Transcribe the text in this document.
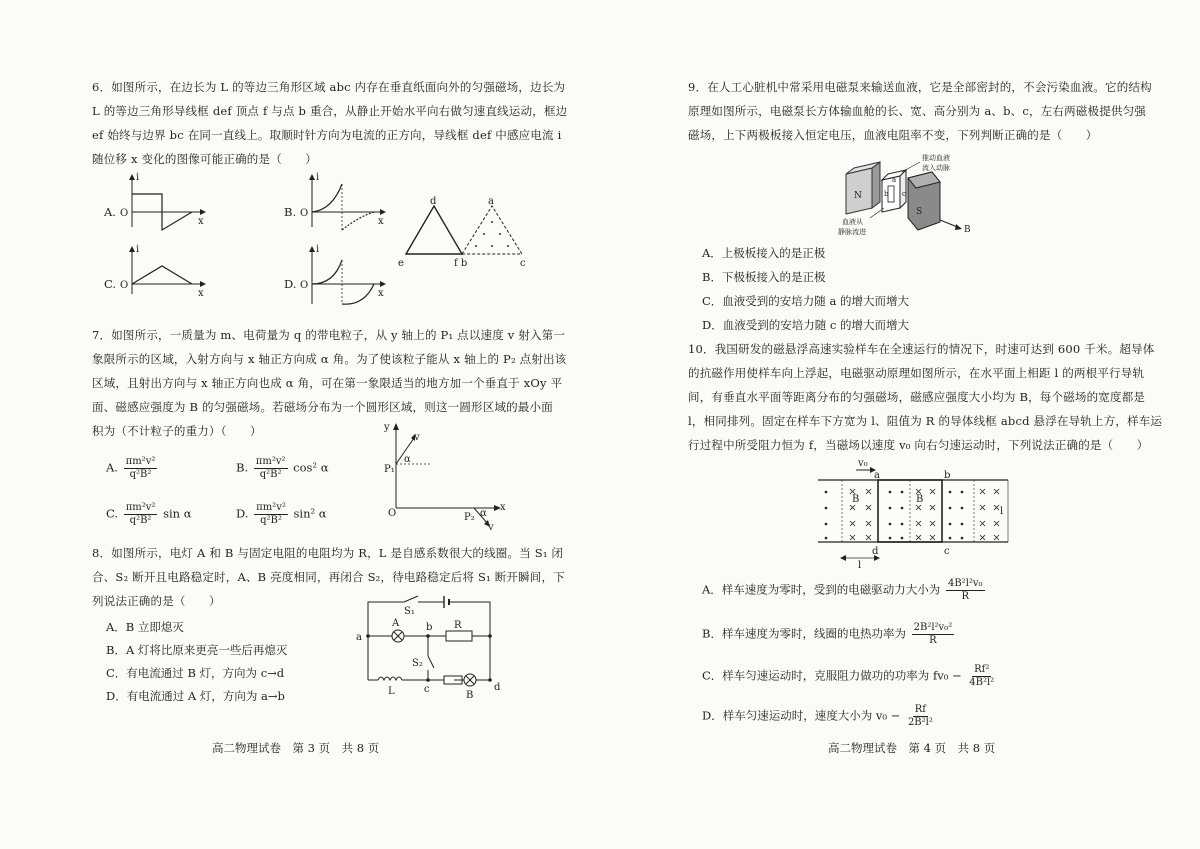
6．如图所示，在边长为 L 的等边三角形区域 abc 内存在垂直纸面向外的匀强磁场，边长为
L 的等边三角形导线框 def 顶点 f 与点 b 重合，从静止开始水平向右做匀速直线运动，框边
ef 始终与边界 bc 在同一直线上。取顺时针方向为电流的正方向，导线框 def 中感应电流 i
随位移 x 变化的图像可能正确的是（　　）
A. O
i
x
B. O
i
x
C. O
i
x
D. O
i
x
d	a
e	f b	c
7．如图所示，一质量为 m、电荷量为 q 的带电粒子，从 y 轴上的 P₁ 点以速度 v 射入第一
象限所示的区域，入射方向与 x 轴正方向成 α 角。为了使该粒子能从 x 轴上的 P₂ 点射出该
区域，且射出方向与 x 轴正方向也成 α 角，可在第一象限适当的地方加一个垂直于 xOy 平
面、磁感应强度为 B 的匀强磁场。若磁场分布为一个圆形区域，则这一圆形区域的最小面
积为（不计粒子的重力）（　　）
A. $\frac{\text{πm²v²}}{\text{q²B²}}$	B. $\frac{\text{πm²v²}}{\text{q²B²}} \cos^2$ α
C. $\frac{\text{πm²v²}}{\text{q²B²}}$ sin α	D. $\frac{\text{πm²v²}}{\text{q²B²}} \sin^2$ α
y
v
α
P₁
O
x
P₂ α
v
8．如图所示，电灯 A 和 B 与固定电阻的电阻均为 R，L 是自感系数很大的线圈。当 S₁ 闭
合、S₂ 断开且电路稳定时，A、B 亮度相同，再闭合 S₂，待电路稳定后将 S₁ 断开瞬间，下
列说法正确的是（　　）
A．B 立即熄灭
B．A 灯将比原来更亮一些后再熄灭
C．有电流通过 B 灯，方向为 c→d
D．有电流通过 A 灯，方向为 a→b
S₁
a
A	b R
S₂
L	c
B
d
高二物理试卷　第 3 页　共 8 页
9．在人工心脏机中常采用电磁泵来输送血液，它是全部密封的，不会污染血液。它的结构
原理如图所示，电磁泵长方体输血舱的长、宽、高分别为 a、b、c，左右两磁极提供匀强
磁场，上下两极板接入恒定电压，血液电阻率不变，下列判断正确的是（　　）
N
S
B
a
b c
推动血液
流入动脉
血液从
静脉流进
A．上极板接入的是正极
B．下极板接入的是正极
C．血液受到的安培力随 a 的增大而增大
D．血液受到的安培力随 c 的增大而增大
10．我国研发的磁悬浮高速实验样车在全速运行的情况下，时速可达到 600 千米。超导体
的抗磁作用使样车向上浮起，电磁驱动原理如图所示，在水平面上相距 l 的两根平行导轨
间，有垂直水平面等距离分布的匀强磁场，磁感应强度大小均为 B，每个磁场的宽度都是
l，相同排列。固定在样车下方宽为 l、阻值为 R 的导体线框 abcd 悬浮在导轨上方，样车运
行过程中所受阻力恒为 f，当磁场以速度 v₀ 向右匀速运动时，下列说法正确的是（　　）
v₀
a	b
c
d
B	B
l
l
A．样车速度为零时，受到的电磁驱动力大小为 $\frac{\text{4B²l²v₀}}{R}$
B．样车速度为零时，线圈的电热功率为 $\frac{\text{2B²l²v₀²}}{R}$
C．样车匀速运动时，克服阻力做功的功率为 $fv_0 - \frac{\text{Rf²}}{\text{4B²l²}}$
D．样车匀速运动时，速度大小为 $v_0 - \frac{Rf}{\text{2B²l²}}$
高二物理试卷　第 4 页　共 8 页
